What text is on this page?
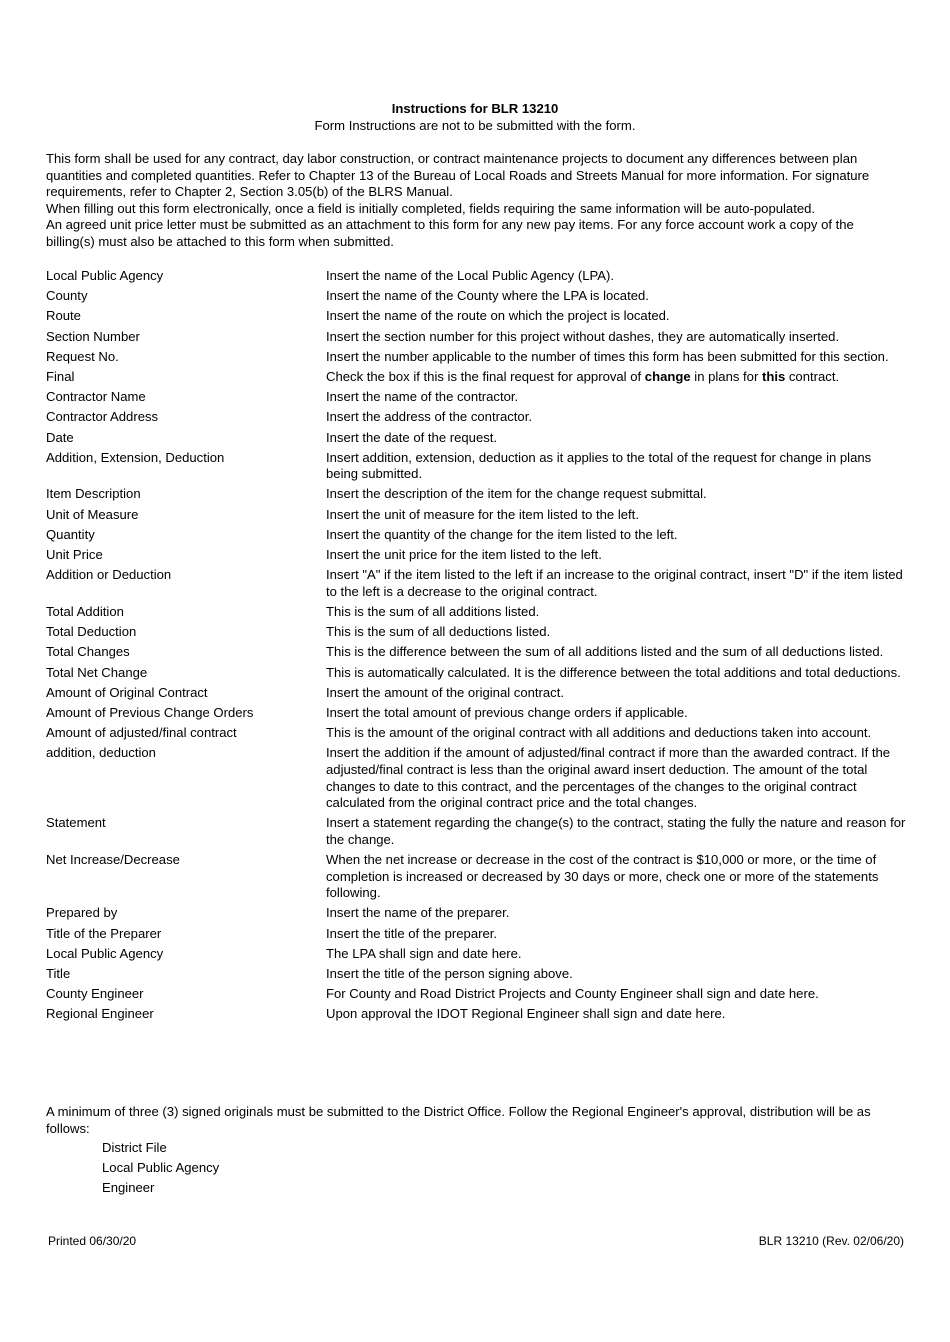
Instructions for BLR 13210
Form Instructions are not to be submitted with the form.

This form shall be used for any contract, day labor construction, or contract maintenance projects to document any differences between plan quantities and completed quantities. Refer to Chapter 13 of the Bureau of Local Roads and Streets Manual for more information. For signature requirements, refer to Chapter 2, Section 3.05(b) of the BLRS Manual.

When filling out this form electronically, once a field is initially completed, fields requiring the same information will be auto-populated.

An agreed unit price letter must be submitted as an attachment to this form for any new pay items. For any force account work a copy of the billing(s) must also be attached to this form when submitted.

Local Public Agency	Insert the name of the Local Public Agency (LPA).
County	Insert the name of the County where the LPA is located.
Route	Insert the name of the route on which the project is located.
Section Number	Insert the section number for this project without dashes, they are automatically inserted.
Request No.	Insert the number applicable to the number of times this form has been submitted for this section.
Final	Check the box if this is the final request for approval of change in plans for this contract.
Contractor Name	Insert the name of the contractor.
Contractor Address	Insert the address of the contractor.
Date	Insert the date of the request.
Addition, Extension, Deduction	Insert addition, extension, deduction as it applies to the total of the request for change in plans being submitted.
Item Description	Insert the description of the item for the change request submittal.
Unit of Measure	Insert the unit of measure for the item listed to the left.
Quantity	Insert the quantity of the change for the item listed to the left.
Unit Price	Insert the unit price for the item listed to the left.
Addition or Deduction	Insert "A" if the item listed to the left if an increase to the original contract, insert "D" if the item listed to the left is a decrease to the original contract.
Total Addition	This is the sum of all additions listed.
Total Deduction	This is the sum of all deductions listed.
Total Changes	This is the difference between the sum of all additions listed and the sum of all deductions listed.
Total Net Change	This is automatically calculated. It is the difference between the total additions and total deductions.
Amount of Original Contract	Insert the amount of the original contract.
Amount of Previous Change Orders	Insert the total amount of previous change orders if applicable.
Amount of adjusted/final contract	This is the amount of the original contract with all additions and deductions taken into account.
addition, deduction	Insert the addition if the amount of adjusted/final contract if more than the awarded contract. If the adjusted/final contract is less than the original award insert deduction. The amount of the total changes to date to this contract, and the percentages of the changes to the original contract calculated from the original contract price and the total changes.
Statement	Insert a statement regarding the change(s) to the contract, stating the fully the nature and reason for the change.
Net Increase/Decrease	When the net increase or decrease in the cost of the contract is $10,000 or more, or the time of completion is increased or decreased by 30 days or more, check one or more of the statements following.
Prepared by	Insert the name of the preparer.
Title of the Preparer	Insert the title of the preparer.
Local Public Agency	The LPA shall sign and date here.
Title	Insert the title of the person signing above.
County Engineer	For County and Road District Projects and County Engineer shall sign and date here.
Regional Engineer	Upon approval the IDOT Regional Engineer shall sign and date here.
A minimum of three (3) signed originals must be submitted to the District Office. Follow the Regional Engineer's approval, distribution will be as follows:
District File
Local Public Agency
Engineer
Printed 06/30/20	BLR 13210 (Rev. 02/06/20)
